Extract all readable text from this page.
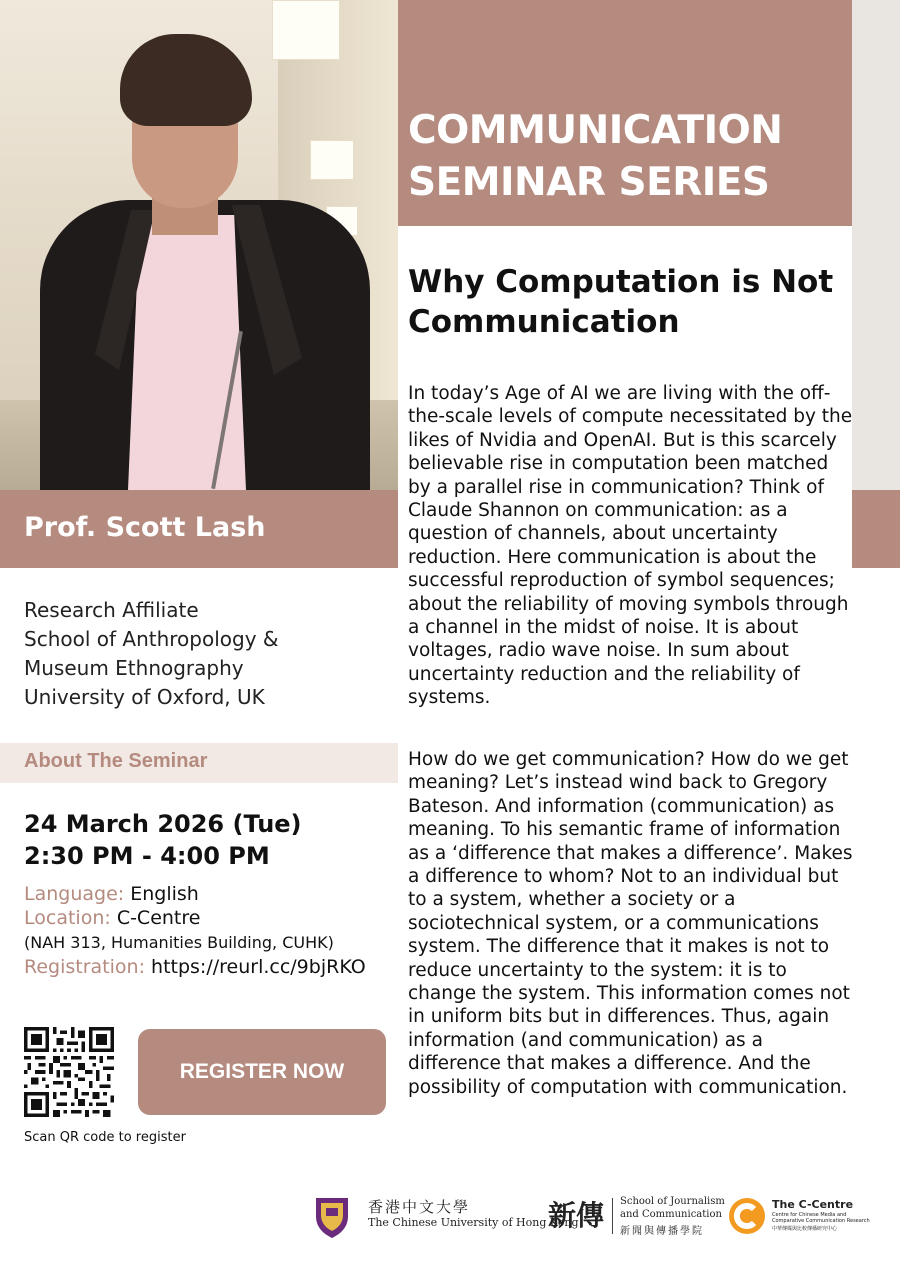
Prof. Scott Lash
COMMUNICATION
SEMINAR SERIES
Why Computation is Not Communication
In today’s Age of AI we are living with the off-the-scale levels of compute necessitated by the likes of Nvidia and OpenAI. But is this scarcely believable rise in computation been matched by a parallel rise in communication? Think of Claude Shannon on communication: as a question of channels, about uncertainty reduction. Here communication is about the successful reproduction of symbol sequences; about the reliability of moving symbols through a channel in the midst of noise. It is about voltages, radio wave noise. In sum about uncertainty reduction and the reliability of systems.
How do we get communication? How do we get meaning? Let’s instead wind back to Gregory Bateson. And information (communication) as meaning. To his semantic frame of information as a ‘difference that makes a difference’. Makes a difference to whom? Not to an individual but to a system, whether a society or a sociotechnical system, or a communications system. The difference that it makes is not to reduce uncertainty to the system: it is to change the system. This information comes not in uniform bits but in differences. Thus, again information (and communication) as a difference that makes a difference. And the possibility of computation with communication.
Research Affiliate
School of Anthropology &
Museum Ethnography
University of Oxford, UK
About The Seminar
24 March 2026 (Tue)
2:30 PM - 4:00 PM
Language: English
Location: C-Centre
(NAH 313, Humanities Building, CUHK)
Registration: https://reurl.cc/9bjRKO
Scan QR code to register
REGISTER NOW
香港中文大學
The Chinese University of Hong Kong
新傳 School of Journalism
and Communication
新聞與傳播學院
The C-Centre
Centre for Chinese Media and
Comparative Communication Research
中華傳媒與比較傳播研究中心
